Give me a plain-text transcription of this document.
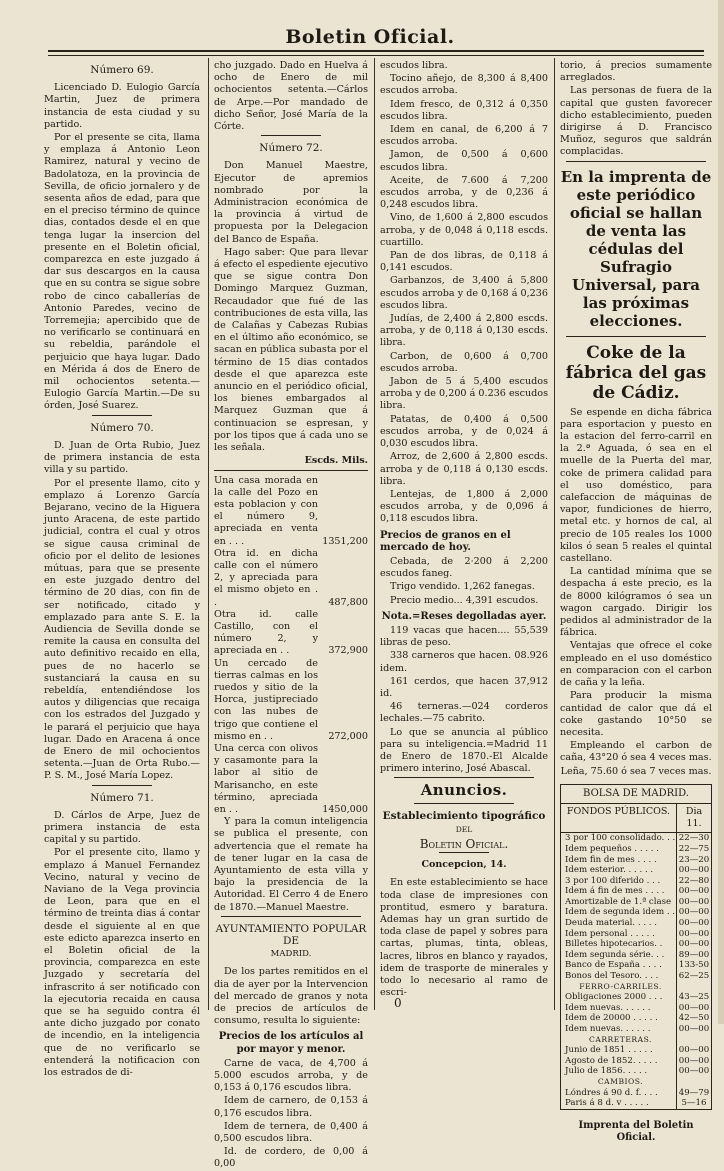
Boletin Oficial.
Número 69.

Licenciado D. Eulogio García Martin, Juez de primera instancia de esta ciudad y su partido.

Por el presente se cita, llama y emplaza á Antonio Leon Ramirez, natural y vecino de Badolatoza, en la provincia de Sevilla, de oficio jornalero y de sesenta años de edad, para que en el preciso término de quince dias, contados desde el en que tenga lugar la insercion del presente en el Boletin oficial, comparezca en este juzgado á dar sus descargos en la causa que en su contra se sigue sobre robo de cinco caballerías de Antonio Paredes, vecino de Torremejia; apercibido que de no verificarlo se continuará en su rebeldia, parándole el perjuicio que haya lugar. Dado en Mérida á dos de Enero de mil ochocientos setenta.—Eulogio García Martin.—De su órden, José Suarez.

Número 70.

D. Juan de Orta Rubio, Juez de primera instancia de esta villa y su partido.

Por el presente llamo, cito y emplazo á Lorenzo García Bejarano, vecino de la Higuera junto Aracena, de este partido judicial, contra el cual y otros se sigue causa criminal de oficio por el delito de lesiones mútuas, para que se presente en este juzgado dentro del término de 20 dias, con fin de ser notificado, citado y emplazado para ante S. E. la Audiencia de Sevilla donde se remite la causa en consulta del auto definitivo recaido en ella, pues de no hacerlo se sustanciará la causa en su rebeldía, entendiéndose los autos y diligencias que recaiga con los estrados del Juzgado y le parará el perjuicio que haya lugar. Dado en Aracena á once de Enero de mil ochocientos setenta.—Juan de Orta Rubo.—P. S. M., José María Lopez.

Número 71.

D. Cárlos de Arpe, Juez de primera instancia de esta capital y su partido.

Por el presente cito, llamo y emplazo á Manuel Fernandez Vecino, natural y vecino de Naviano de la Vega provincia de Leon, para que en el término de treinta dias á contar desde el siguiente al en que este edicto aparezca inserto en el Boletin oficial de la provincia, comparezca en este Juzgado y secretaría del infrascrito á ser notificado con la ejecutoria recaida en causa que se ha seguido contra él ante dicho juzgado por conato de incendio, en la inteligencia que de no verificarlo se entenderá la notificacion con los estrados de di-

cho juzgado. Dado en Huelva á ocho de Enero de mil ochocientos setenta.—Cárlos de Arpe.—Por mandado de dicho Señor, José María de la Córte.

Número 72.

Don Manuel Maestre, Ejecutor de apremios nombrado por la Administracion económica de la provincia á virtud de propuesta por la Delegacion del Banco de España.

Hago saber: Que para llevar á efecto el espediente ejecutivo que se sigue contra Don Domingo Marquez Guzman, Recaudador que fué de las contribuciones de esta villa, las de Calañas y Cabezas Rubias en el último año económico, se sacan en pública subasta por el término de 15 dias contados desde el que aparezca este anuncio en el periódico oficial, los bienes embargados al Marquez Guzman que á continuacion se espresan, y por los tipos que á cada uno se les señala.

Escds. Mils.
Una casa morada en la calle del Pozo en esta poblacion y con el número 9, apreciada en venta en . . .	1351,200
Otra id. en dicha calle con el número 2, y apreciada para el mismo objeto en . .	487,800
Otra id. calle Castillo, con el número 2, y apreciada en . .	372,900
Un cercado de tierras calmas en los ruedos y sitio de la Horca, justipreciado con las nubes de trigo que contiene el mismo en . .	272,000
Una cerca con olivos y casamonte para la labor al sitio de Marisancho, en este término, apreciada en . .	1450,000

Y para la comun inteligencia se publica el presente, con advertencia que el remate ha de tener lugar en la casa de Ayuntamiento de esta villa y bajo la presidencia de la Autoridad. El Cerro 4 de Enero de 1870.—Manuel Maestre.

AYUNTAMIENTO POPULAR DE
MADRID.

De los partes remitidos en el dia de ayer por la Intervencion del mercado de granos y nota de precios de artículos de consumo, resulta lo siguiente:

Precios de los artículos al por mayor y menor.

Carne de vaca, de 4,700 á 5.000 escudos arroba, y de 0,153 á 0,176 escudos libra.

Idem de carnero, de 0,153 á 0,176 escudos libra.

Idem de ternera, de 0,400 á 0,500 escudos libra.

Id. de cordero, de 0,00 á 0,00

escudos libra.

Tocino añejo, de 8,300 á 8,400 escudos arroba.

Idem fresco, de 0,312 á 0,350 escudos libra.

Idem en canal, de 6,200 á 7 escudos arroba.

Jamon, de 0,500 á 0,600 escudos libra.

Aceite, de 7.600 á 7,200 escudos arroba, y de 0,236 á 0,248 escudos libra.

Vino, de 1,600 á 2,800 escudos arroba, y de 0,048 á 0,118 escds. cuartillo.

Pan de dos libras, de 0,118 á 0,141 escudos.

Garbanzos, de 3,400 á 5,800 escudos arroba y de 0,168 á 0,236 escudos libra.

Judías, de 2,400 á 2,800 escds. arroba, y de 0,118 á 0,130 escds. libra.

Carbon, de 0,600 á 0,700 escudos arroba.

Jabon de 5 á 5,400 escudos arroba y de 0,200 á 0.236 escudos libra.

Patatas, de 0,400 á 0,500 escudos arroba, y de 0,024 á 0,030 escudos libra.

Arroz, de 2,600 á 2,800 escds. arroba y de 0,118 á 0,130 escds. libra.

Lentejas, de 1,800 á 2,000 escudos arroba, y de 0,096 á 0,118 escudos libra.

Precios de granos en el mercado de hoy.

Cebada, de 2·200 á 2,200 escudos faneg.

Trigo vendido. 1,262 fanegas.

Precio medio... 4,391 escudos.

Nota.=Reses degolladas ayer.

119 vacas que hacen.... 55,539 libras de peso.

338 carneros que hacen. 08.926 idem.

161 cerdos, que hacen 37,912 id.

46 terneras.—024 corderos lechales.—75 cabrito.

Lo que se anuncia al público para su inteligencia.=Madrid 11 de Enero de 1870.-El Alcalde primero interino, José Abascal.

Anuncios.
Establecimiento tipográfico
DEL
Boletin Oficial.
Concepcion, 14.

En este establecimiento se hace toda clase de impresiones con prontitud, esmero y baratura. Ademas hay un gran surtido de toda clase de papel y sobres para cartas, plumas, tinta, obleas, lacres, libros en blanco y rayados, idem de trasporte de minerales y todo lo necesario al ramo de escri-

torio, á precios sumamente arreglados.

Las personas de fuera de la capital que gusten favorecer dicho establecimiento, pueden dirigirse á D. Francisco Muñoz, seguros que saldrán complacidas.

En la imprenta de este periódico oficial se hallan de venta las cédulas del Sufragio Universal, para las próximas elecciones.
Coke de la fábrica del gas de Cádiz.

Se espende en dicha fábrica para esportacion y puesto en la estacion del ferro-carril en la 2.ª Aguada, ó sea en el muelle de la Puerta del mar, coke de primera calidad para el uso doméstico, para calefaccion de máquinas de vapor, fundiciones de hierro, metal etc. y hornos de cal, al precio de 105 reales los 1000 kilos ó sean 5 reales el quintal castellano.

La cantidad mínima que se despacha á este precio, es la de 8000 kilógramos ó sea un wagon cargado. Dirigir los pedidos al administrador de la fábrica.

Ventajas que ofrece el coke empleado en el uso doméstico en comparacion con el carbon de caña y la leña.

Para producir la misma cantidad de calor que dá el coke gastando 10°50 se necesita.

Empleando el carbon de caña, 43°20 ó sea 4 veces mas.

Leña, 75.60 ó sea 7 veces mas.

BOLSA DE MADRID.
FONDOS PÚBLICOS.	Dia 11.
3 por 100 consolidado. . . 22—30
Idem pequeños . . . . .	22—75
Idem fin de mes . . . .	23—20
Idem esterior. . . . . .	00—00
3 por 100 diferido . . .	22—80
Idem á fin de mes . . . .	00—00
Amortizable de 1.ª clase 00—00
Idem de segunda idem . . 00—00
Deuda material. . . . .	00—00
Idem personal . . . . .	00—00
Billetes hipotecarios. .	00—00
Idem segunda série. . .	89—00
Banco de España . . . .	133-50
Bonos del Tesoro. . . .	62—25
FERRO-CARRILES.
Obligaciones 2000 . . .	43—25
Idem nuevas. . . . . .	00—00
Idem de 20000 . . . . .	42—50
Idem nuevas. . . . . .	00—00
CARRETERAS.
Junio de 1851 . . . . .	00—00
Agosto de 1852. . . . .	00—00
Julio de 1856. . . . .	00—00
CAMBIOS.
Lóndres á 90 d. f. . . .	49—79
Paris á 8 d. v . . . . .	5—16
Imprenta del Boletin Oficial.
0
